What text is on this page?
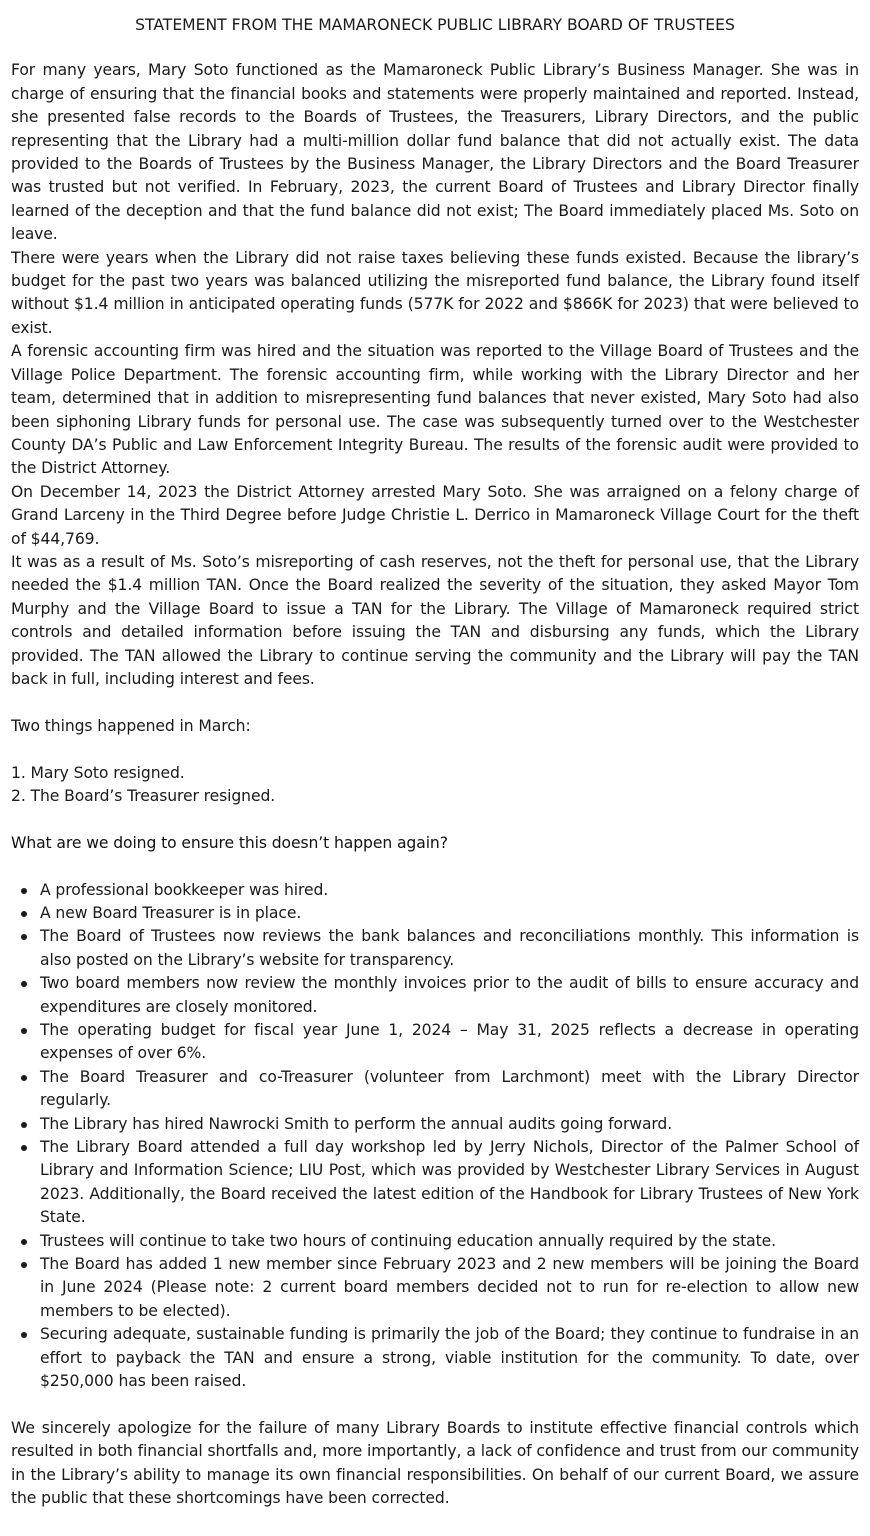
STATEMENT FROM THE MAMARONECK PUBLIC LIBRARY BOARD OF TRUSTEES

For many years, Mary Soto functioned as the Mamaroneck Public Library’s Business Manager. She was in charge of ensuring that the financial books and statements were properly maintained and reported. Instead, she presented false records to the Boards of Trustees, the Treasurers, Library Directors, and the public representing that the Library had a multi-million dollar fund balance that did not actually exist. The data provided to the Boards of Trustees by the Business Manager, the Library Directors and the Board Treasurer was trusted but not verified. In February, 2023, the current Board of Trustees and Library Director finally learned of the deception and that the fund balance did not exist; The Board immediately placed Ms. Soto on leave.

There were years when the Library did not raise taxes believing these funds existed. Because the library’s budget for the past two years was balanced utilizing the misreported fund balance, the Library found itself without $1.4 million in anticipated operating funds (577K for 2022 and $866K for 2023) that were believed to exist.

A forensic accounting firm was hired and the situation was reported to the Village Board of Trustees and the Village Police Department. The forensic accounting firm, while working with the Library Director and her team, determined that in addition to misrepresenting fund balances that never existed, Mary Soto had also been siphoning Library funds for personal use. The case was subsequently turned over to the Westchester County DA’s Public and Law Enforcement Integrity Bureau. The results of the forensic audit were provided to the District Attorney.

On December 14, 2023 the District Attorney arrested Mary Soto. She was arraigned on a felony charge of Grand Larceny in the Third Degree before Judge Christie L. Derrico in Mamaroneck Village Court for the theft of $44,769.

It was as a result of Ms. Soto’s misreporting of cash reserves, not the theft for personal use, that the Library needed the $1.4 million TAN. Once the Board realized the severity of the situation, they asked Mayor Tom Murphy and the Village Board to issue a TAN for the Library. The Village of Mamaroneck required strict controls and detailed information before issuing the TAN and disbursing any funds, which the Library provided. The TAN allowed the Library to continue serving the community and the Library will pay the TAN back in full, including interest and fees.

Two things happened in March:

1. Mary Soto resigned.

2. The Board’s Treasurer resigned.

What are we doing to ensure this doesn’t happen again?

A professional bookkeeper was hired.
A new Board Treasurer is in place.
The Board of Trustees now reviews the bank balances and reconciliations monthly. This information is also posted on the Library’s website for transparency.
Two board members now review the monthly invoices prior to the audit of bills to ensure accuracy and expenditures are closely monitored.
The operating budget for fiscal year June 1, 2024 – May 31, 2025 reflects a decrease in operating expenses of over 6%.
The Board Treasurer and co-Treasurer (volunteer from Larchmont) meet with the Library Director regularly.
The Library has hired Nawrocki Smith to perform the annual audits going forward.
The Library Board attended a full day workshop led by Jerry Nichols, Director of the Palmer School of Library and Information Science; LIU Post, which was provided by Westchester Library Services in August 2023. Additionally, the Board received the latest edition of the Handbook for Library Trustees of New York State.
Trustees will continue to take two hours of continuing education annually required by the state.
The Board has added 1 new member since February 2023 and 2 new members will be joining the Board in June 2024 (Please note: 2 current board members decided not to run for re-election to allow new members to be elected).
Securing adequate, sustainable funding is primarily the job of the Board; they continue to fundraise in an effort to payback the TAN and ensure a strong, viable institution for the community. To date, over $250,000 has been raised.

We sincerely apologize for the failure of many Library Boards to institute effective financial controls which resulted in both financial shortfalls and, more importantly, a lack of confidence and trust from our community in the Library’s ability to manage its own financial responsibilities. On behalf of our current Board, we assure the public that these shortcomings have been corrected.
